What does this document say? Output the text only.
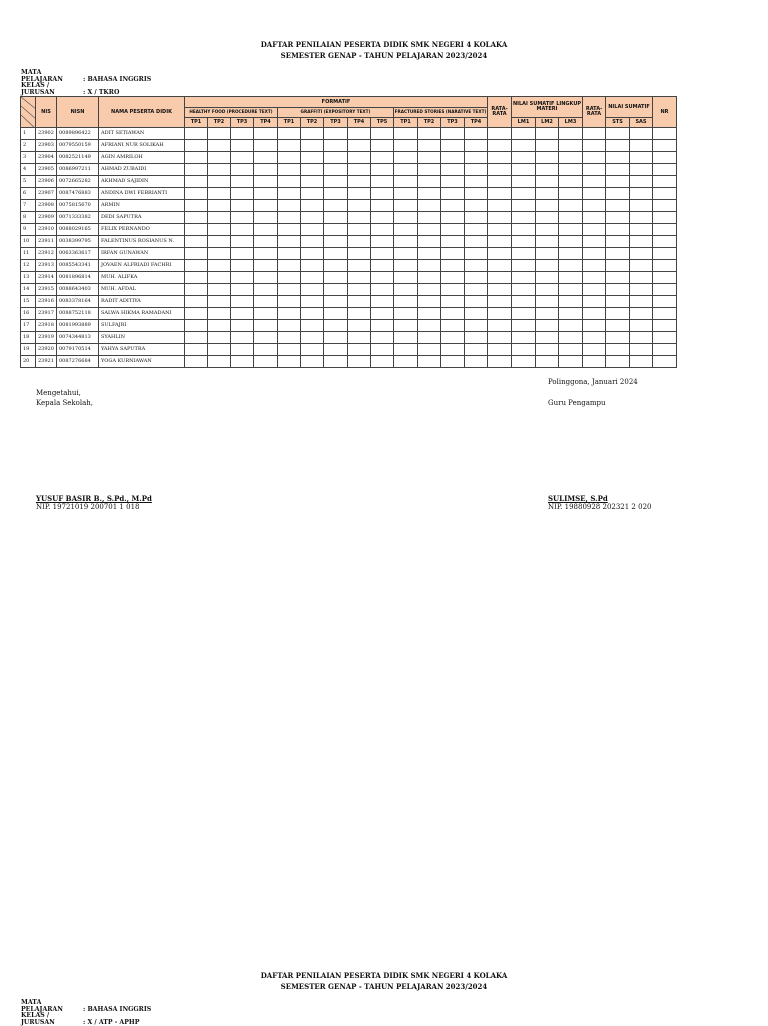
DAFTAR PENILAIAN PESERTA DIDIK SMK NEGERI 4 KOLAKA
SEMESTER GENAP - TAHUN PELAJARAN 2023/2024
MATA PELAJARAN	: BAHASA INGGRIS
KELAS / JURUSAN	: X / TKRO
	NIS	NISN	NAMA PESERTA DIDIK	FORMATIF													RATA-RATA	NILAI SUMATIF LINGKUP MATERI			RATA-RATA	NILAI SUMATIF		NR
				HEALTHY FOOD (PROCEDURE TEXT)				GRAFFITI (EXPOSITORY TEXT)					FRACTURED STORIES (NARATIVE TEXT)											
				TP1	TP2	TP3	TP4	TP1	TP2	TP3	TP4	TP5	TP1	TP2	TP3	TP4		LM1	LM2	LM3		STS	SAS	
1	23902	0089896422	ADIT SETIAWAN																					
2	23903	0079550159	AFRIANI NUR SOLIKAH																					
3	23904	0082521149	AGIN AMRILOH																					
4	23905	0086997211	AHMAD ZUBAIDI																					
5	23906	0072665282	AKHMAD SAJIDIN																					
6	23907	0087476883	ANDINA DWI FEBRIANTI																					
7	23908	0075815670	ARMIN																					
8	23909	0071333382	DEDI SAPUTRA																					
9	23910	0088029165	FELIX PERNANDO																					
10	23911	0038399795	FALENTINUS ROSIANUS N.																					
11	23912	0063363617	IRFAN GUNAWAN																					
12	23913	0085543341	JOVAEN ALFRIADI FACHRI																					
13	23914	0081896814	MUH. ALIFKA																					
14	23915	0088643403	MUH. AFDAL																					
15	23916	0083378164	RADIT ADITIYA																					
16	23917	0088752118	SALWA HIKMA RAMADANI																					
17	23918	0081993889	SULFAJRI																					
18	23919	0074344813	SYAHLIN																					
19	23920	0079170514	YAHYA SAPUTRA																					
20	23921	0087276684	YOGA KURNIAWAN																					
Polinggona, Januari 2024
Mengetahui,
Kepala Sekolah,	Guru Pengampu
YUSUF BASIR B., S.Pd., M.Pd
NIP. 19721019 200701 1 018
SULIMSE, S.Pd
NIP. 19880928 202321 2 020
DAFTAR PENILAIAN PESERTA DIDIK SMK NEGERI 4 KOLAKA
SEMESTER GENAP - TAHUN PELAJARAN 2023/2024
MATA PELAJARAN	: BAHASA INGGRIS
KELAS / JURUSAN	: X / ATP - APHP
